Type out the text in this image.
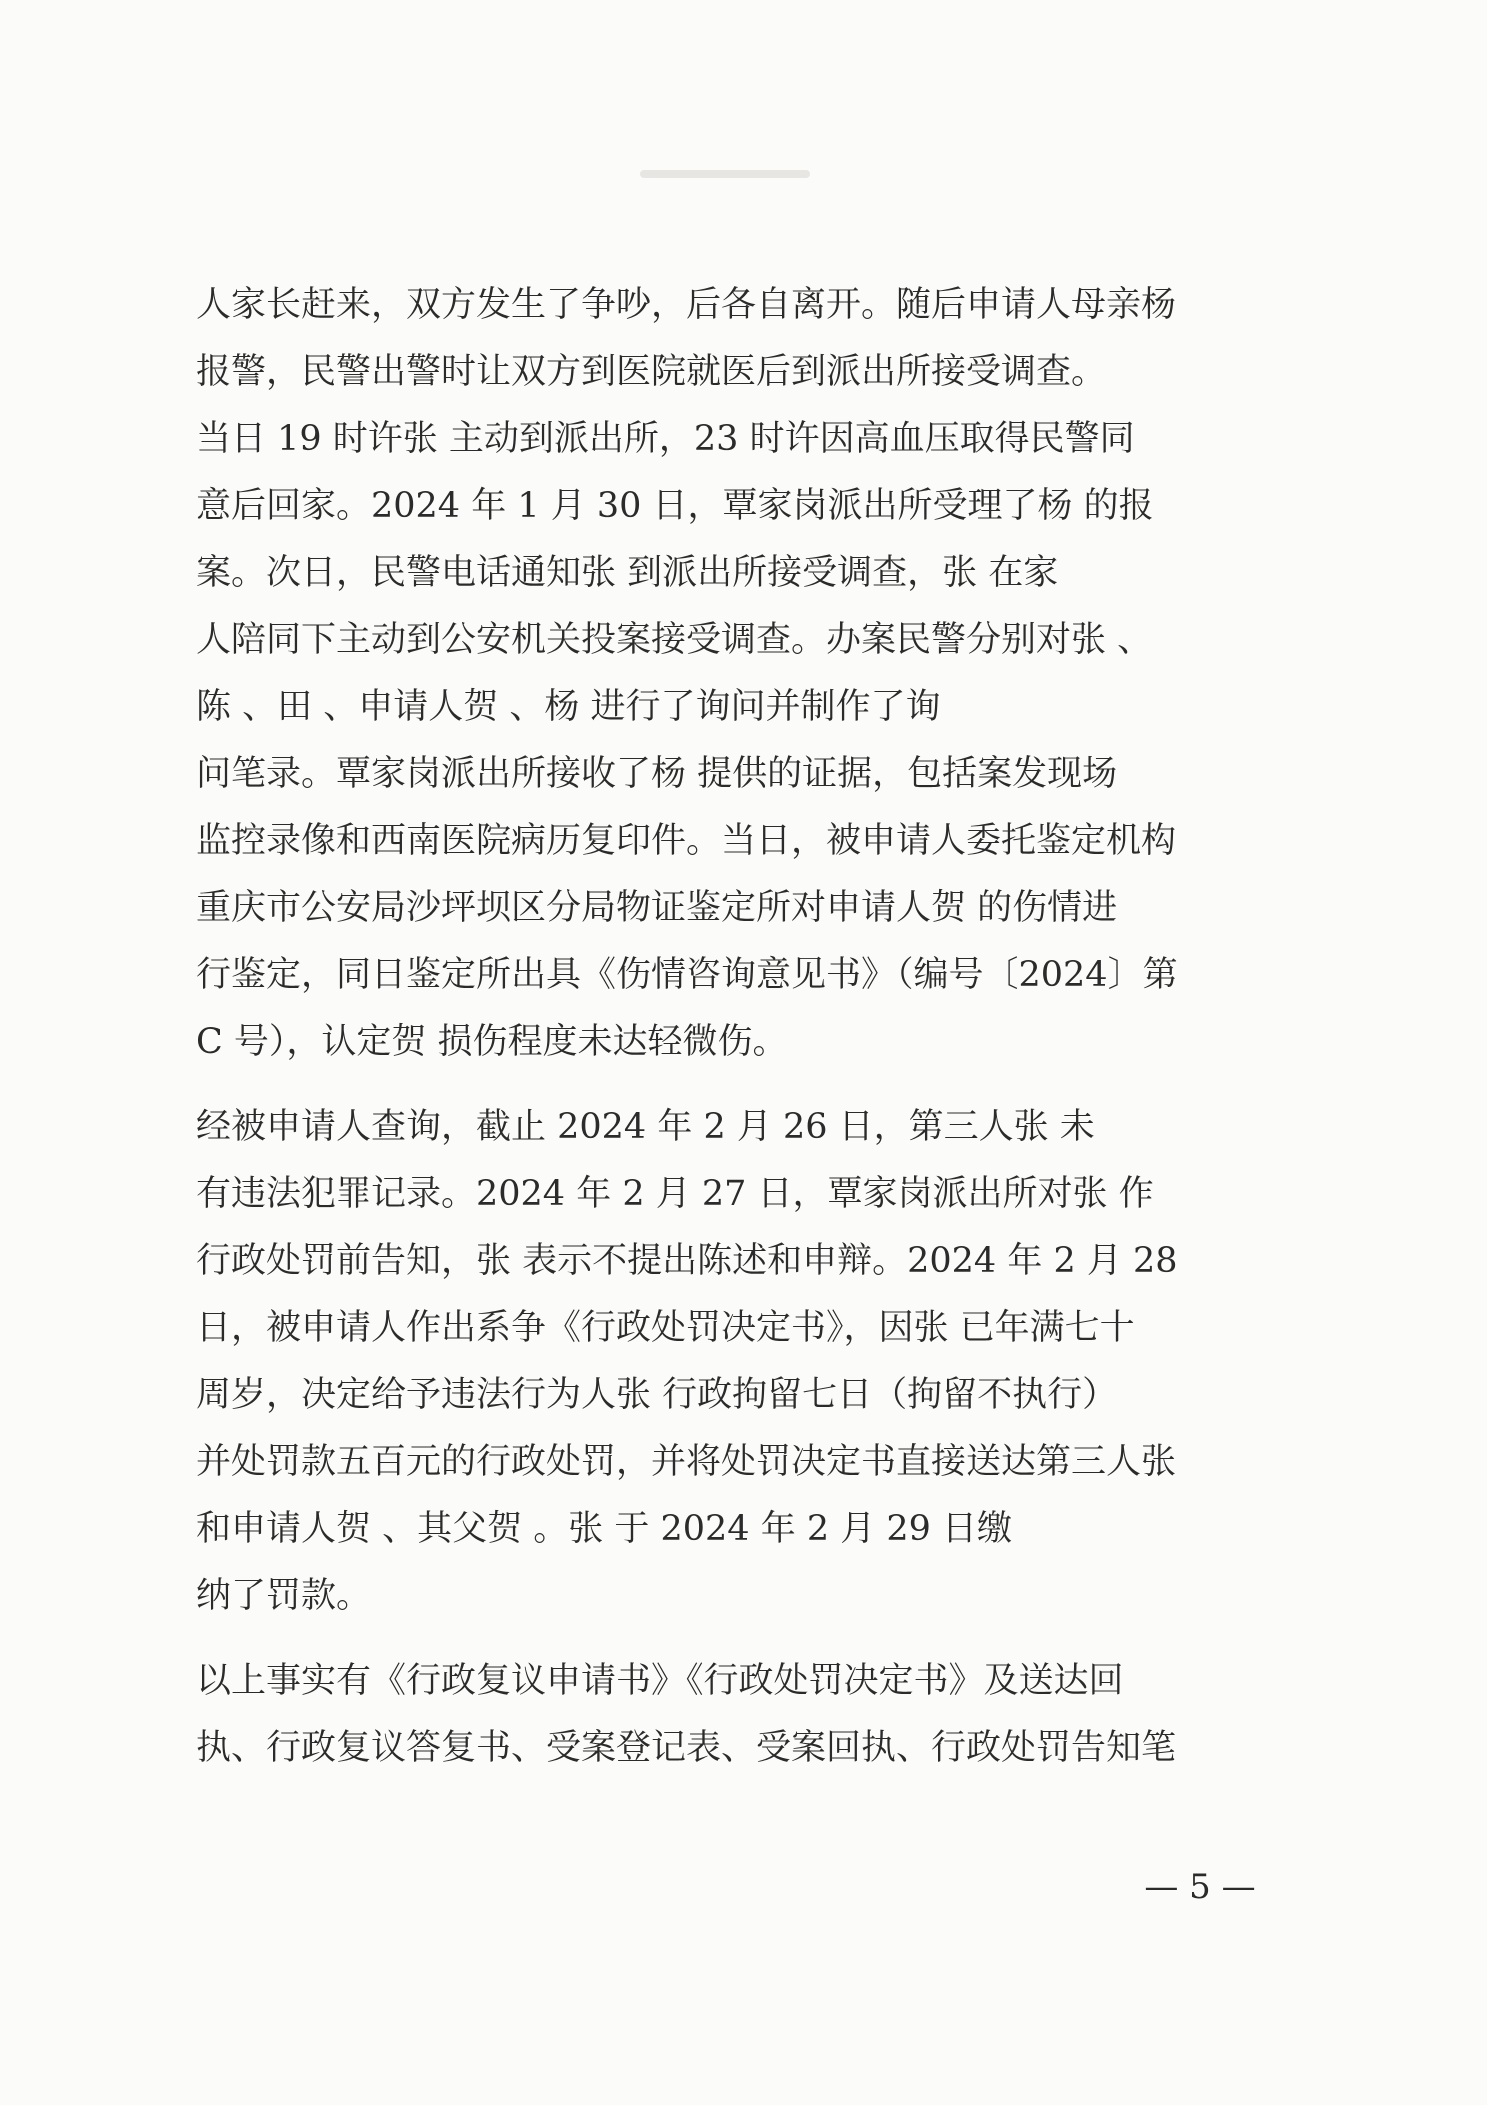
人家长赶来，双方发生了争吵，后各自离开。随后申请人母亲杨
报警，民警出警时让双方到医院就医后到派出所接受调查。
当日 19 时许张 主动到派出所，23 时许因高血压取得民警同
意后回家。2024 年 1 月 30 日，覃家岗派出所受理了杨 的报
案。次日，民警电话通知张 到派出所接受调查，张 在家
人陪同下主动到公安机关投案接受调查。办案民警分别对张 、
陈 、田 、申请人贺 、杨 进行了询问并制作了询
问笔录。覃家岗派出所接收了杨 提供的证据，包括案发现场
监控录像和西南医院病历复印件。当日，被申请人委托鉴定机构
重庆市公安局沙坪坝区分局物证鉴定所对申请人贺 的伤情进
行鉴定，同日鉴定所出具《伤情咨询意见书》（编号〔2024〕第
C 号），认定贺 损伤程度未达轻微伤。
经被申请人查询，截止 2024 年 2 月 26 日，第三人张 未
有违法犯罪记录。2024 年 2 月 27 日，覃家岗派出所对张 作
行政处罚前告知，张 表示不提出陈述和申辩。2024 年 2 月 28
日，被申请人作出系争《行政处罚决定书》，因张 已年满七十
周岁，决定给予违法行为人张 行政拘留七日（拘留不执行）
并处罚款五百元的行政处罚，并将处罚决定书直接送达第三人张
和申请人贺 、其父贺 。张 于 2024 年 2 月 29 日缴
纳了罚款。
以上事实有《行政复议申请书》《行政处罚决定书》及送达回
执、行政复议答复书、受案登记表、受案回执、行政处罚告知笔
— 5 —
